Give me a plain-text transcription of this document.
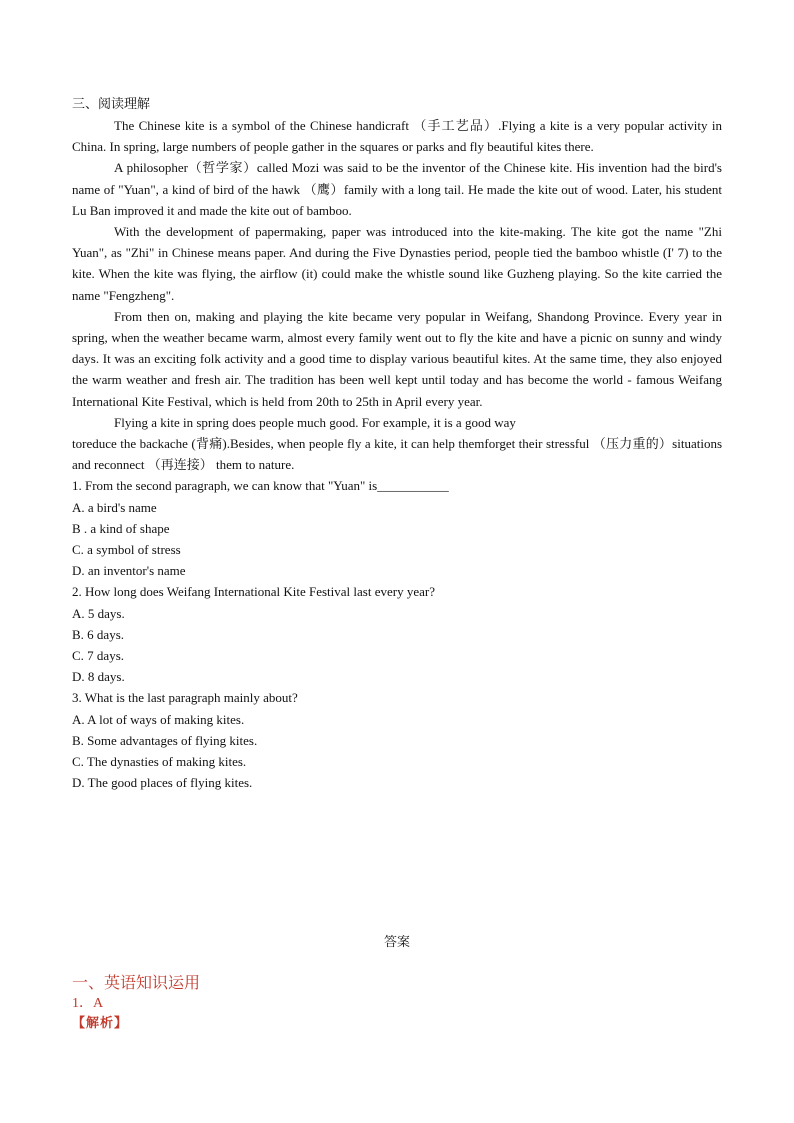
三、阅读理解

The Chinese kite is a symbol of the Chinese handicraft （手工艺品）.Flying a kite is a very popular activity in China. In spring, large numbers of people gather in the squares or parks and fly beautiful kites there.

A philosopher（哲学家）called Mozi was said to be the inventor of the Chinese kite. His invention had the bird's name of "Yuan", a kind of bird of the hawk （鹰）family with a long tail. He made the kite out of wood. Later, his student Lu Ban improved it and made the kite out of bamboo.

With the development of papermaking, paper was introduced into the kite-making. The kite got the name "Zhi Yuan", as "Zhi" in Chinese means paper. And during the Five Dynasties period, people tied the bamboo whistle (I' 7) to the kite. When the kite was flying, the airflow (it) could make the whistle sound like Guzheng playing. So the kite carried the name "Fengzheng".

From then on, making and playing the kite became very popular in Weifang, Shandong Province. Every year in spring, when the weather became warm, almost every family went out to fly the kite and have a picnic on sunny and windy days. It was an exciting folk activity and a good time to display various beautiful kites. At the same time, they also enjoyed the warm weather and fresh air. The tradition has been well kept until today and has become the world - famous Weifang International Kite Festival, which is held from 20th to 25th in April every year.

Flying a kite in spring does people much good. For example, it is a good way

toreduce the backache (背痛).Besides, when people fly a kite, it can help themforget their stressful （压力重的）situations and reconnect （再连接） them to nature.

1. From the second paragraph, we can know that "Yuan" is___________
A. a bird's name
B . a kind of shape
C. a symbol of stress
D. an inventor's name
2. How long does Weifang International Kite Festival last every year?
A. 5 days.
B. 6 days.
C. 7 days.
D. 8 days.
3. What is the last paragraph mainly about?
A. A lot of ways of making kites.
B. Some advantages of flying kites.
C. The dynasties of making kites.
D. The good places of flying kites.
答案
一、英语知识运用
1．A
【解析】
